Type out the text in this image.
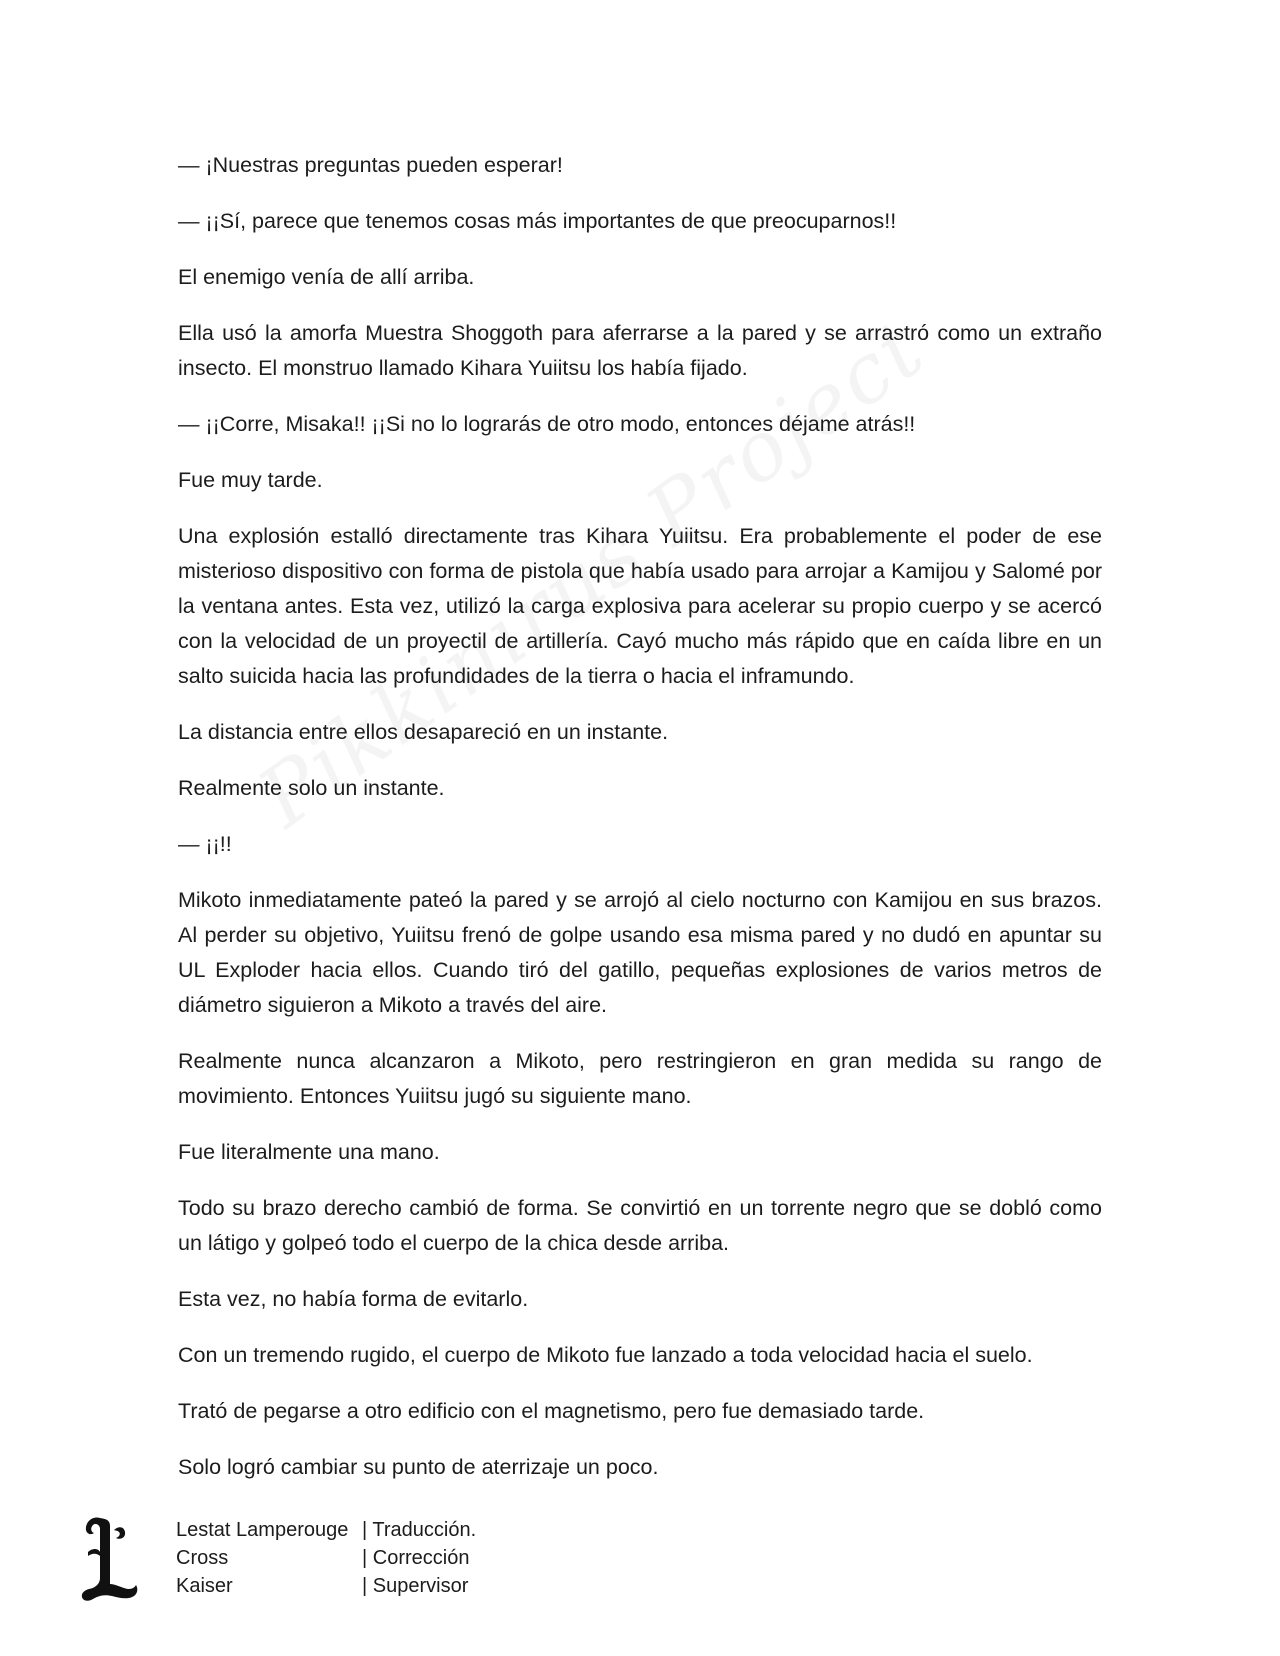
— ¡Nuestras preguntas pueden esperar!

— ¡¡Sí, parece que tenemos cosas más importantes de que preocuparnos!!

El enemigo venía de allí arriba.

Ella usó la amorfa Muestra Shoggoth para aferrarse a la pared y se arrastró como un extraño insecto. El monstruo llamado Kihara Yuiitsu los había fijado.

— ¡¡Corre, Misaka!! ¡¡Si no lo lograrás de otro modo, entonces déjame atrás!!

Fue muy tarde.

Una explosión estalló directamente tras Kihara Yuiitsu. Era probablemente el poder de ese misterioso dispositivo con forma de pistola que había usado para arrojar a Kamijou y Salomé por la ventana antes. Esta vez, utilizó la carga explosiva para acelerar su propio cuerpo y se acercó con la velocidad de un proyectil de artillería. Cayó mucho más rápido que en caída libre en un salto suicida hacia las profundidades de la tierra o hacia el inframundo.

La distancia entre ellos desapareció en un instante.

Realmente solo un instante.

— ¡¡!!

Mikoto inmediatamente pateó la pared y se arrojó al cielo nocturno con Kamijou en sus brazos. Al perder su objetivo, Yuiitsu frenó de golpe usando esa misma pared y no dudó en apuntar su UL Exploder hacia ellos. Cuando tiró del gatillo, pequeñas explosiones de varios metros de diámetro siguieron a Mikoto a través del aire.

Realmente nunca alcanzaron a Mikoto, pero restringieron en gran medida su rango de movimiento. Entonces Yuiitsu jugó su siguiente mano.

Fue literalmente una mano.

Todo su brazo derecho cambió de forma. Se convirtió en un torrente negro que se dobló como un látigo y golpeó todo el cuerpo de la chica desde arriba.

Esta vez, no había forma de evitarlo.

Con un tremendo rugido, el cuerpo de Mikoto fue lanzado a toda velocidad hacia el suelo.

Trató de pegarse a otro edificio con el magnetismo, pero fue demasiado tarde.

Solo logró cambiar su punto de aterrizaje un poco.

Lestat Lamperouge | Traducción.
Cross	| Corrección
Kaiser	| Supervisor
